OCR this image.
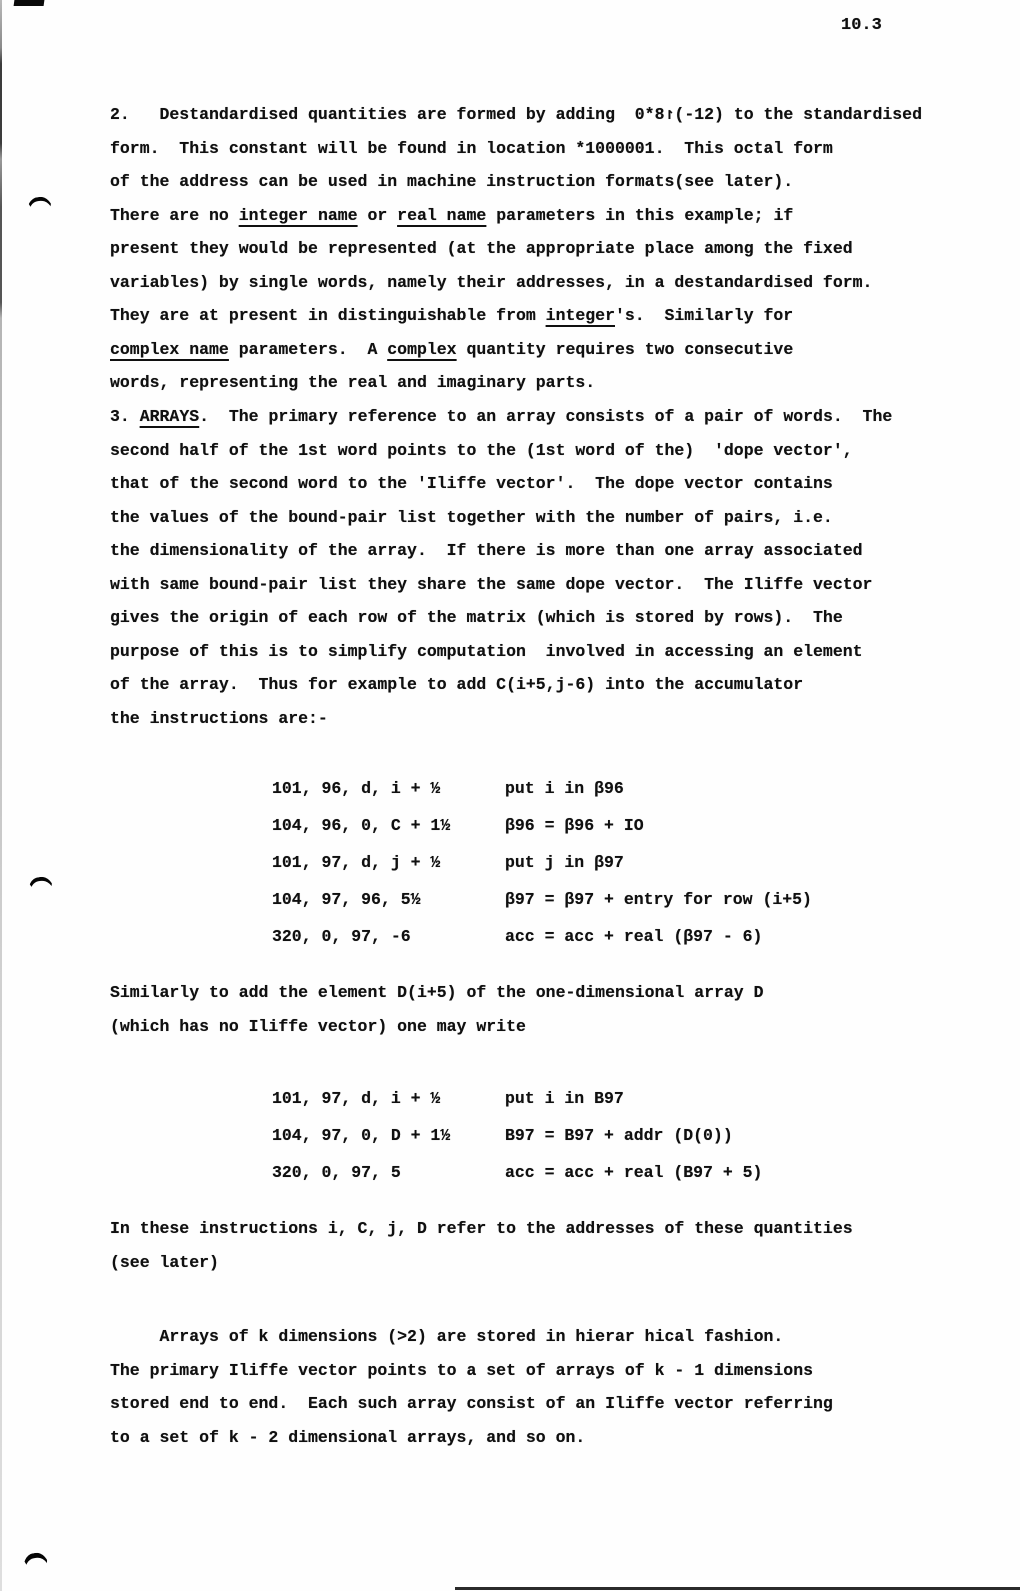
10.3
2.   Destandardised quantities are formed by adding  0*8↾(-12) to the standardised
form.  This constant will be found in location *1000001.  This octal form
of the address can be used in machine instruction formats(see later).
There are no integer name or real name parameters in this example; if
present they would be represented (at the appropriate place among the fixed
variables) by single words, namely their addresses, in a destandardised form.
They are at present in distinguishable from integer's.  Similarly for
complex name parameters.  A complex quantity requires two consecutive
words, representing the real and imaginary parts.
3. ARRAYS.  The primary reference to an array consists of a pair of words.  The
second half of the 1st word points to the (1st word of the)  'dope vector',
that of the second word to the 'Iliffe vector'.  The dope vector contains
the values of the bound-pair list together with the number of pairs, i.e.
the dimensionality of the array.  If there is more than one array associated
with same bound-pair list they share the same dope vector.  The Iliffe vector
gives the origin of each row of the matrix (which is stored by rows).  The
purpose of this is to simplify computation  involved in accessing an element
of the array.  Thus for example to add C(i+5,j-6) into the accumulator
the instructions are:-
101, 96, d, i + ½	put i in β96
104, 96, 0, C + 1½	β96 = β96 + IO
101, 97, d, j + ½	put j in β97
104, 97, 96, 5½	β97 = β97 + entry for row (i+5)
320, 0, 97, -6	acc = acc + real (β97 - 6)
Similarly to add the element D(i+5) of the one-dimensional array D
(which has no Iliffe vector) one may write
101, 97, d, i + ½	put i in B97
104, 97, 0, D + 1½	B97 = B97 + addr (D(0))
320, 0, 97, 5	acc = acc + real (B97 + 5)
In these instructions i, C, j, D refer to the addresses of these quantities
(see later)
Arrays of k dimensions (>2) are stored in hierar hical fashion.
The primary Iliffe vector points to a set of arrays of k - 1 dimensions
stored end to end.  Each such array consist of an Iliffe vector referring
to a set of k - 2 dimensional arrays, and so on.
